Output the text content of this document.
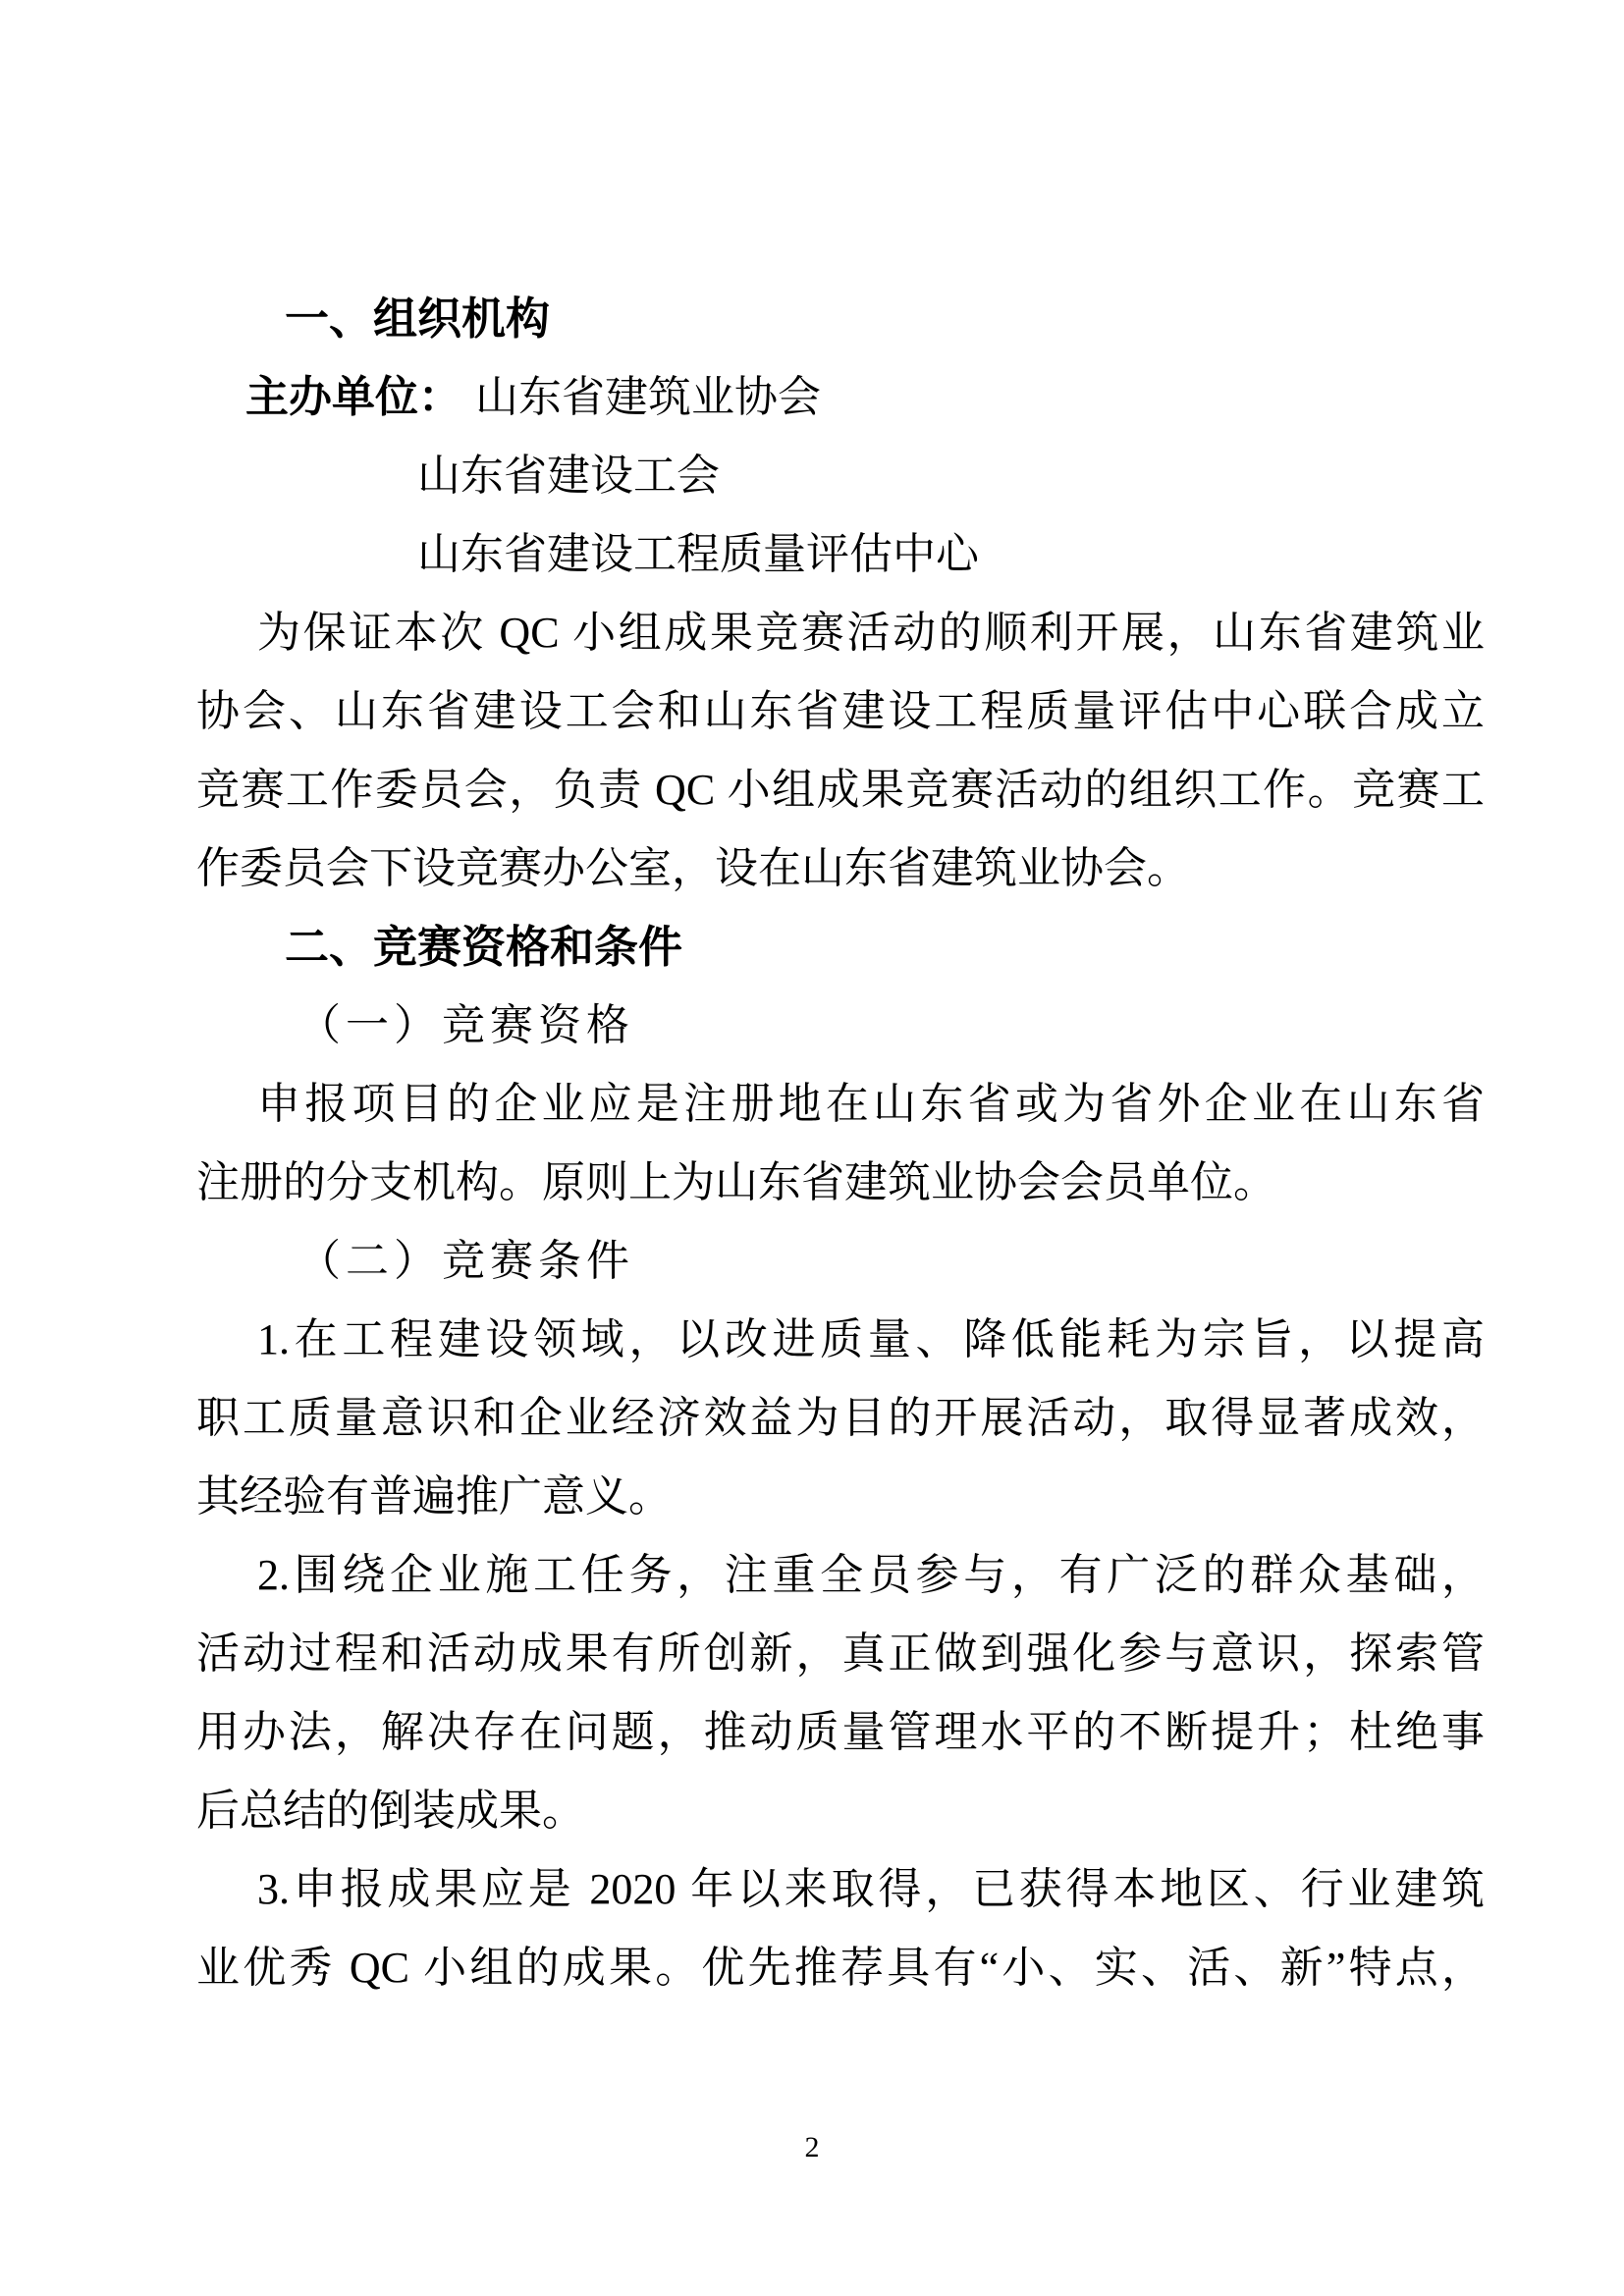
一、组织机构
主办单位： 山东省建筑业协会
山东省建设工会
山东省建设工程质量评估中心
为保证本次 QC 小组成果竞赛活动的顺利开展，山东省建筑业
协会、山东省建设工会和山东省建设工程质量评估中心联合成立
竞赛工作委员会，负责 QC 小组成果竞赛活动的组织工作。竞赛工
作委员会下设竞赛办公室，设在山东省建筑业协会。
二、竞赛资格和条件
（一）竞赛资格
申报项目的企业应是注册地在山东省或为省外企业在山东省
注册的分支机构。原则上为山东省建筑业协会会员单位。
（二）竞赛条件
1.在工程建设领域，以改进质量、降低能耗为宗旨，以提高
职工质量意识和企业经济效益为目的开展活动，取得显著成效，
其经验有普遍推广意义。
2.围绕企业施工任务，注重全员参与，有广泛的群众基础，
活动过程和活动成果有所创新，真正做到强化参与意识，探索管
用办法，解决存在问题，推动质量管理水平的不断提升；杜绝事
后总结的倒装成果。
3.申报成果应是 2020 年以来取得，已获得本地区、行业建筑
业优秀 QC 小组的成果。优先推荐具有“小、实、活、新”特点，
2
